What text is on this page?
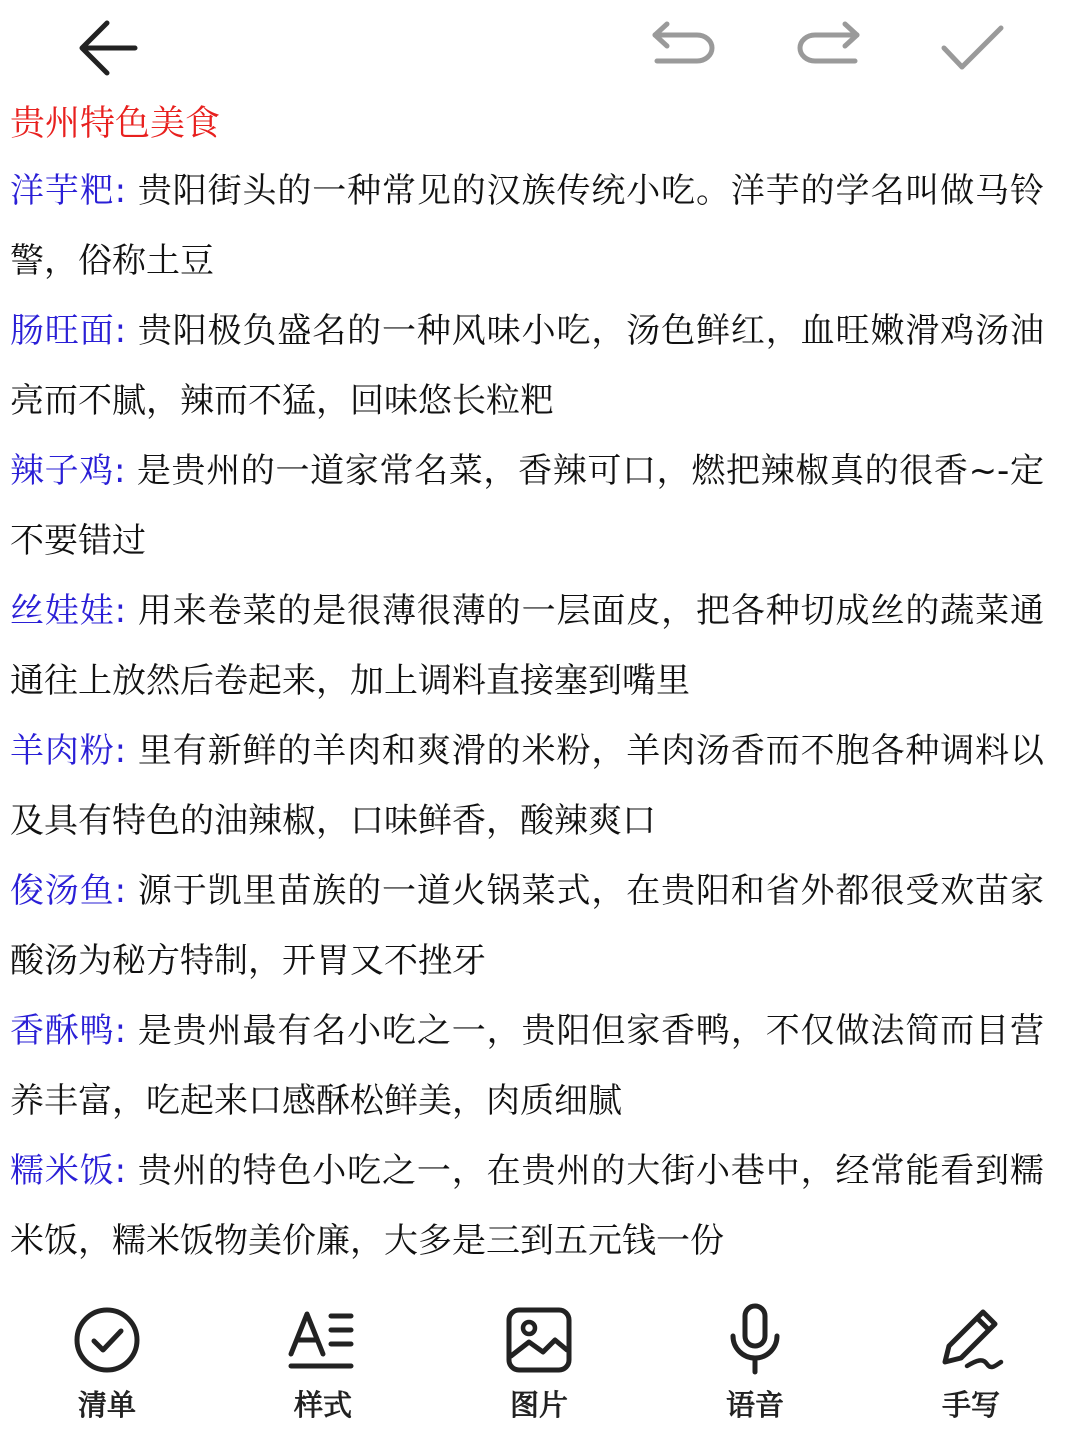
贵州特色美食
洋芋粑: 贵阳街头的一种常见的汉族传统小吃。洋芋的学名叫做马铃警，俗称土豆
肠旺面: 贵阳极负盛名的一种风味小吃，汤色鲜红，血旺嫩滑鸡汤油亮而不腻，辣而不猛，回味悠长粒粑
辣子鸡: 是贵州的一道家常名菜，香辣可口，燃把辣椒真的很香~-定不要错过
丝娃娃: 用来卷菜的是很薄很薄的一层面皮，把各种切成丝的蔬菜通通往上放然后卷起来，加上调料直接塞到嘴里
羊肉粉: 里有新鲜的羊肉和爽滑的米粉，羊肉汤香而不胞各种调料以及具有特色的油辣椒，口味鲜香，酸辣爽口
俊汤鱼: 源于凯里苗族的一道火锅菜式，在贵阳和省外都很受欢苗家酸汤为秘方特制，开胃又不挫牙
香酥鸭: 是贵州最有名小吃之一，贵阳但家香鸭，不仅做法简而目营养丰富，吃起来口感酥松鲜美，肉质细腻
糯米饭: 贵州的特色小吃之一，在贵州的大街小巷中，经常能看到糯米饭，糯米饭物美价廉，大多是三到五元钱一份
清单	样式	图片	语音	手写
